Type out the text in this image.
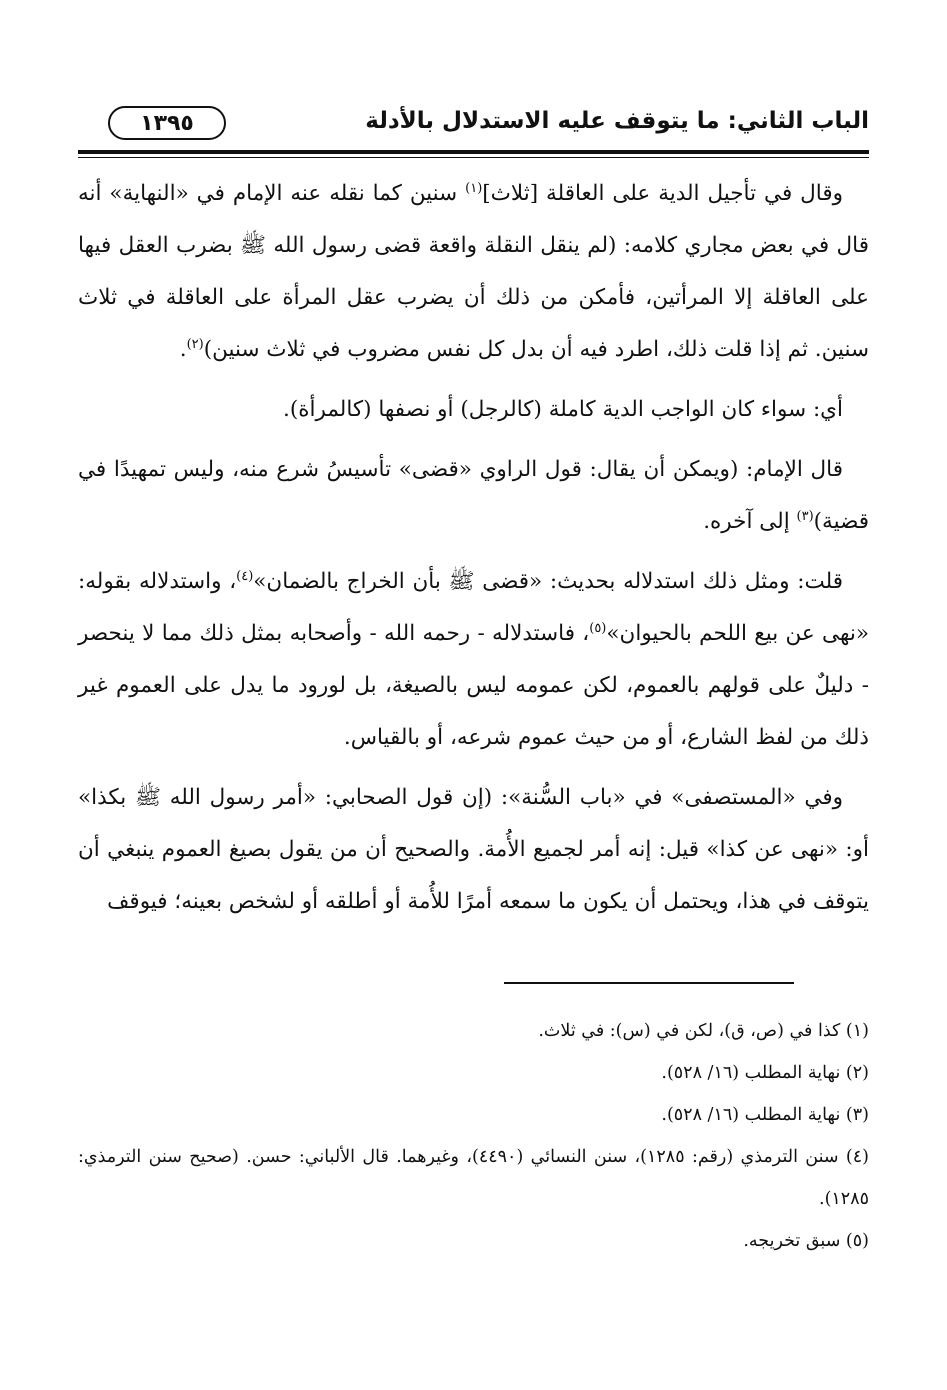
الباب الثاني: ما يتوقف عليه الاستدلال بالأدلة
١٣٩٥

وقال في تأجيل الدية على العاقلة [ثلاث]$^{(١)}$ سنين كما نقله عنه الإمام في «النهاية» أنه قال في بعض مجاري كلامه: (لم ينقل النقلة واقعة قضى رسول الله ﷺ بضرب العقل فيها على العاقلة إلا المرأتين، فأمكن من ذلك أن يضرب عقل المرأة على العاقلة في ثلاث سنين. ثم إذا قلت ذلك، اطرد فيه أن بدل كل نفس مضروب في ثلاث سنين)$^{(٢)}$.

أي: سواء كان الواجب الدية كاملة (كالرجل) أو نصفها (كالمرأة).

قال الإمام: (ويمكن أن يقال: قول الراوي «قضى» تأسيسُ شرع منه، وليس تمهيدًا في قضية)$^{(٣)}$ إلى آخره.

قلت: ومثل ذلك استدلاله بحديث: «قضى ﷺ بأن الخراج بالضمان»$^{(٤)}$، واستدلاله بقوله: «نهى عن بيع اللحم بالحيوان»$^{(٥)}$، فاستدلاله - رحمه الله - وأصحابه بمثل ذلك مما لا ينحصر - دليلٌ على قولهم بالعموم، لكن عمومه ليس بالصيغة، بل لورود ما يدل على العموم غير ذلك من لفظ الشارع، أو من حيث عموم شرعه، أو بالقياس.

وفي «المستصفى» في «باب السُّنة»: (إن قول الصحابي: «أمر رسول الله ﷺ بكذا» أو: «نهى عن كذا» قيل: إنه أمر لجميع الأُمة. والصحيح أن من يقول بصيغ العموم ينبغي أن يتوقف في هذا، ويحتمل أن يكون ما سمعه أمرًا للأُمة أو أطلقه أو لشخص بعينه؛ فيوقف

(١) كذا في (ص، ق)، لكن في (س): في ثلاث.

(٢) نهاية المطلب (١٦/ ٥٢٨).

(٣) نهاية المطلب (١٦/ ٥٢٨).

(٤) سنن الترمذي (رقم: ١٢٨٥)، سنن النسائي (٤٤٩٠)، وغيرهما. قال الألباني: حسن. (صحيح سنن الترمذي: ١٢٨٥).

(٥) سبق تخريجه.
